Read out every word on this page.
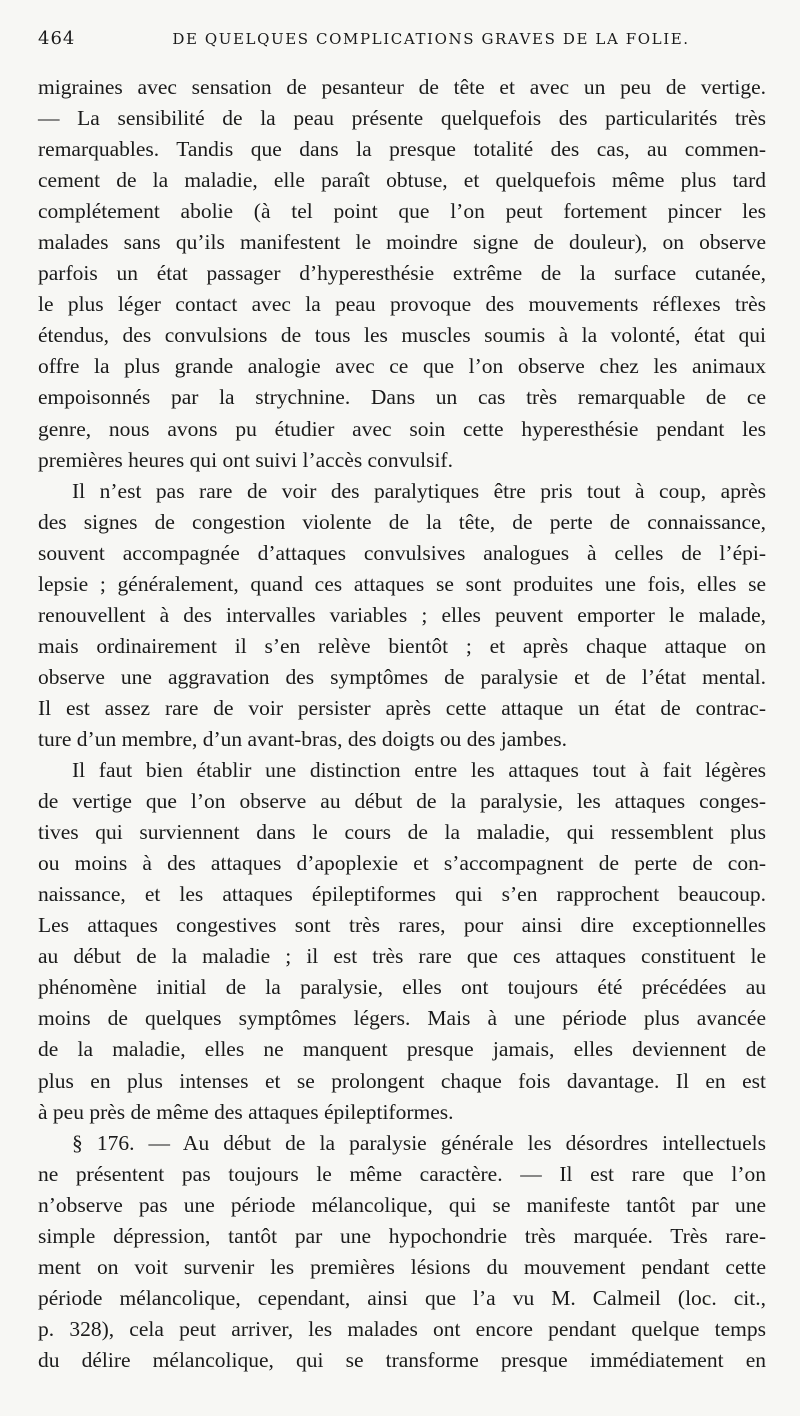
464	DE QUELQUES COMPLICATIONS GRAVES DE LA FOLIE.
migraines avec sensation de pesanteur de tête et avec un peu de vertige.
— La sensibilité de la peau présente quelquefois des particularités très
remarquables. Tandis que dans la presque totalité des cas, au commen-
cement de la maladie, elle paraît obtuse, et quelquefois même plus tard
complétement abolie (à tel point que l’on peut fortement pincer les
malades sans qu’ils manifestent le moindre signe de douleur), on observe
parfois un état passager d’hyperesthésie extrême de la surface cutanée,
le plus léger contact avec la peau provoque des mouvements réflexes très
étendus, des convulsions de tous les muscles soumis à la volonté, état qui
offre la plus grande analogie avec ce que l’on observe chez les animaux
empoisonnés par la strychnine. Dans un cas très remarquable de ce
genre, nous avons pu étudier avec soin cette hyperesthésie pendant les
premières heures qui ont suivi l’accès convulsif.
Il n’est pas rare de voir des paralytiques être pris tout à coup, après
des signes de congestion violente de la tête, de perte de connaissance,
souvent accompagnée d’attaques convulsives analogues à celles de l’épi-
lepsie ; généralement, quand ces attaques se sont produites une fois, elles se
renouvellent à des intervalles variables ; elles peuvent emporter le malade,
mais ordinairement il s’en relève bientôt ; et après chaque attaque on
observe une aggravation des symptômes de paralysie et de l’état mental.
Il est assez rare de voir persister après cette attaque un état de contrac-
ture d’un membre, d’un avant-bras, des doigts ou des jambes.
Il faut bien établir une distinction entre les attaques tout à fait légères
de vertige que l’on observe au début de la paralysie, les attaques conges-
tives qui surviennent dans le cours de la maladie, qui ressemblent plus
ou moins à des attaques d’apoplexie et s’accompagnent de perte de con-
naissance, et les attaques épileptiformes qui s’en rapprochent beaucoup.
Les attaques congestives sont très rares, pour ainsi dire exceptionnelles
au début de la maladie ; il est très rare que ces attaques constituent le
phénomène initial de la paralysie, elles ont toujours été précédées au
moins de quelques symptômes légers. Mais à une période plus avancée
de la maladie, elles ne manquent presque jamais, elles deviennent de
plus en plus intenses et se prolongent chaque fois davantage. Il en est
à peu près de même des attaques épileptiformes.
§ 176. — Au début de la paralysie générale les désordres intellectuels
ne présentent pas toujours le même caractère. — Il est rare que l’on
n’observe pas une période mélancolique, qui se manifeste tantôt par une
simple dépression, tantôt par une hypochondrie très marquée. Très rare-
ment on voit survenir les premières lésions du mouvement pendant cette
période mélancolique, cependant, ainsi que l’a vu M. Calmeil (loc. cit.,
p. 328), cela peut arriver, les malades ont encore pendant quelque temps
du délire mélancolique, qui se transforme presque immédiatement en
